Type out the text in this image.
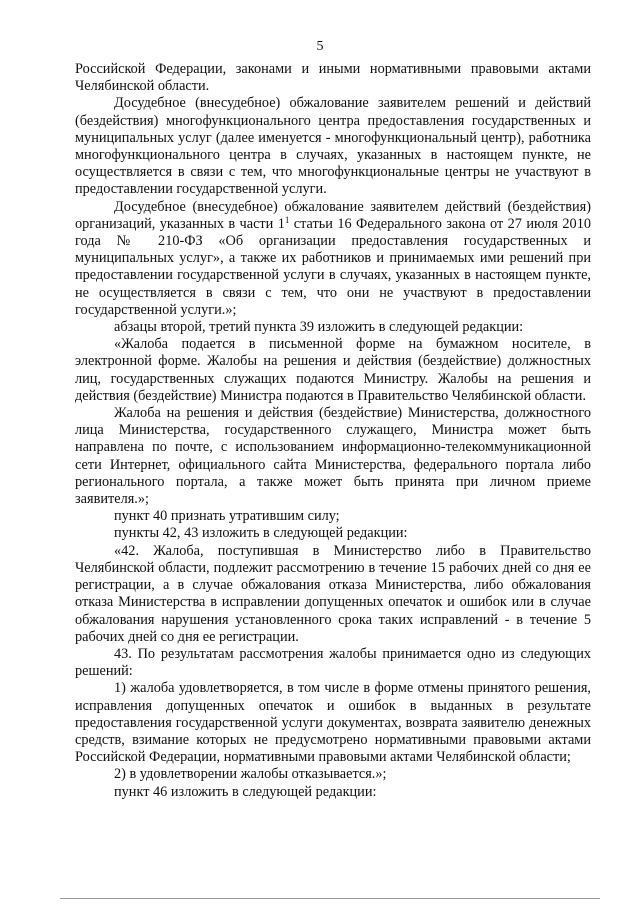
5

Российской Федерации, законами и иными нормативными правовыми актами Челябинской области.

Досудебное (внесудебное) обжалование заявителем решений и действий (бездействия) многофункционального центра предоставления государственных и муниципальных услуг (далее именуется - многофункциональный центр), работника многофункционального центра в случаях, указанных в настоящем пункте, не осуществляется в связи с тем, что многофункциональные центры не участвуют в предоставлении государственной услуги.

Досудебное (внесудебное) обжалование заявителем действий (бездействия) организаций, указанных в части $1^1$ статьи 16 Федерального закона от 27 июля 2010 года № 210-ФЗ «Об организации предоставления государственных и муниципальных услуг», а также их работников и принимаемых ими решений при предоставлении государственной услуги в случаях, указанных в настоящем пункте, не осуществляется в связи с тем, что они не участвуют в предоставлении государственной услуги.»;

абзацы второй, третий пункта 39 изложить в следующей редакции:

«Жалоба подается в письменной форме на бумажном носителе, в электронной форме. Жалобы на решения и действия (бездействие) должностных лиц, государственных служащих подаются Министру. Жалобы на решения и действия (бездействие) Министра подаются в Правительство Челябинской области.

Жалоба на решения и действия (бездействие) Министерства, должностного лица Министерства, государственного служащего, Министра может быть направлена по почте, с использованием информационно-телекоммуникационной сети Интернет, официального сайта Министерства, федерального портала либо регионального портала, а также может быть принята при личном приеме заявителя.»;

пункт 40 признать утратившим силу;

пункты 42, 43 изложить в следующей редакции:

«42. Жалоба, поступившая в Министерство либо в Правительство Челябинской области, подлежит рассмотрению в течение 15 рабочих дней со дня ее регистрации, а в случае обжалования отказа Министерства, либо обжалования отказа Министерства в исправлении допущенных опечаток и ошибок или в случае обжалования нарушения установленного срока таких исправлений - в течение 5 рабочих дней со дня ее регистрации.

43. По результатам рассмотрения жалобы принимается одно из следующих решений:

1) жалоба удовлетворяется, в том числе в форме отмены принятого решения, исправления допущенных опечаток и ошибок в выданных в результате предоставления государственной услуги документах, возврата заявителю денежных средств, взимание которых не предусмотрено нормативными правовыми актами Российской Федерации, нормативными правовыми актами Челябинской области;

2) в удовлетворении жалобы отказывается.»;

пункт 46 изложить в следующей редакции:
